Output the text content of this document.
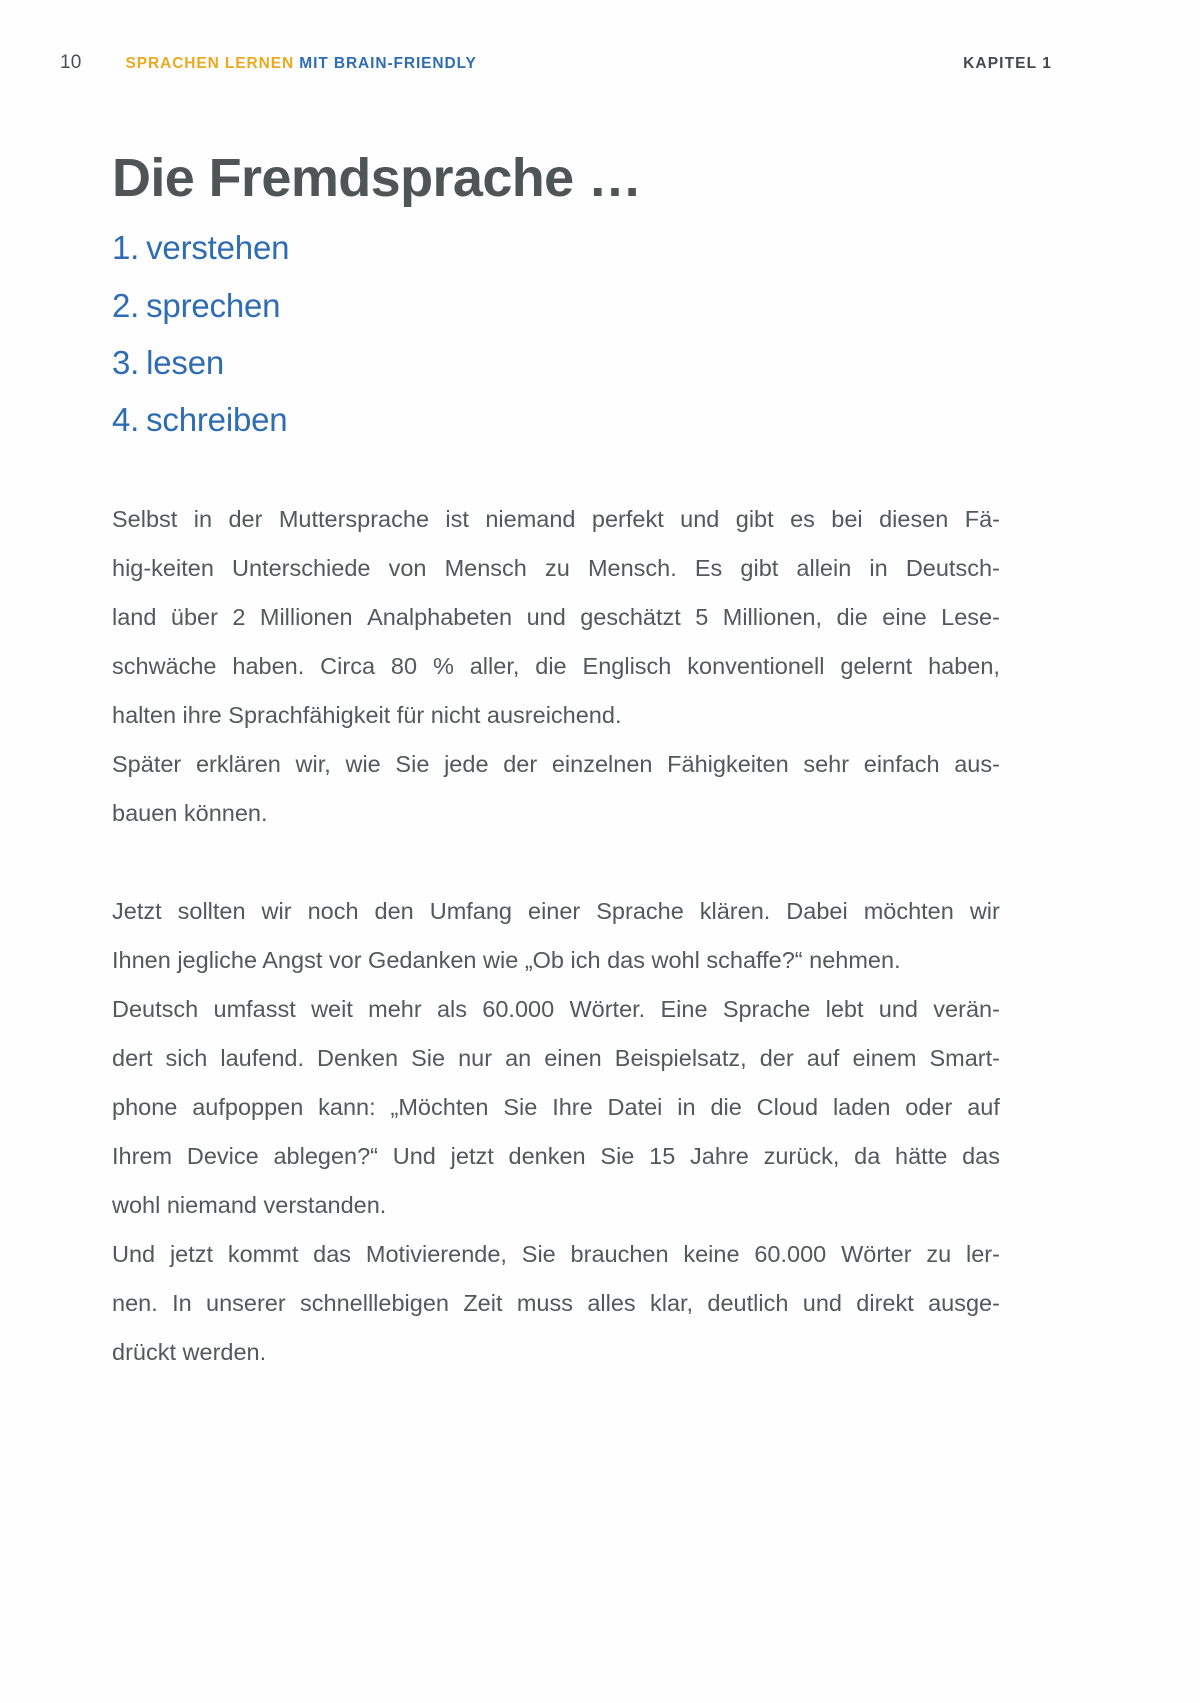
10	SPRACHEN LERNEN MIT BRAIN-FRIENDLY	KAPITEL 1
Die Fremdsprache …
1. verstehen
2. sprechen
3. lesen
4. schreiben
Selbst in der Muttersprache ist niemand perfekt und gibt es bei diesen Fä-
hig-keiten Unterschiede von Mensch zu Mensch. Es gibt allein in Deutsch-
land über 2 Millionen Analphabeten und geschätzt 5 Millionen, die eine Lese-
schwäche haben. Circa 80 % aller, die Englisch konventionell gelernt haben,
halten ihre Sprachfähigkeit für nicht ausreichend.
Später erklären wir, wie Sie jede der einzelnen Fähigkeiten sehr einfach aus-
bauen können.
Jetzt sollten wir noch den Umfang einer Sprache klären. Dabei möchten wir
Ihnen jegliche Angst vor Gedanken wie „Ob ich das wohl schaffe?“ nehmen.
Deutsch umfasst weit mehr als 60.000 Wörter. Eine Sprache lebt und verän-
dert sich laufend. Denken Sie nur an einen Beispielsatz, der auf einem Smart-
phone aufpoppen kann: „Möchten Sie Ihre Datei in die Cloud laden oder auf
Ihrem Device ablegen?“ Und jetzt denken Sie 15 Jahre zurück, da hätte das
wohl niemand verstanden.
Und jetzt kommt das Motivierende, Sie brauchen keine 60.000 Wörter zu ler-
nen. In unserer schnelllebigen Zeit muss alles klar, deutlich und direkt ausge-
drückt werden.
